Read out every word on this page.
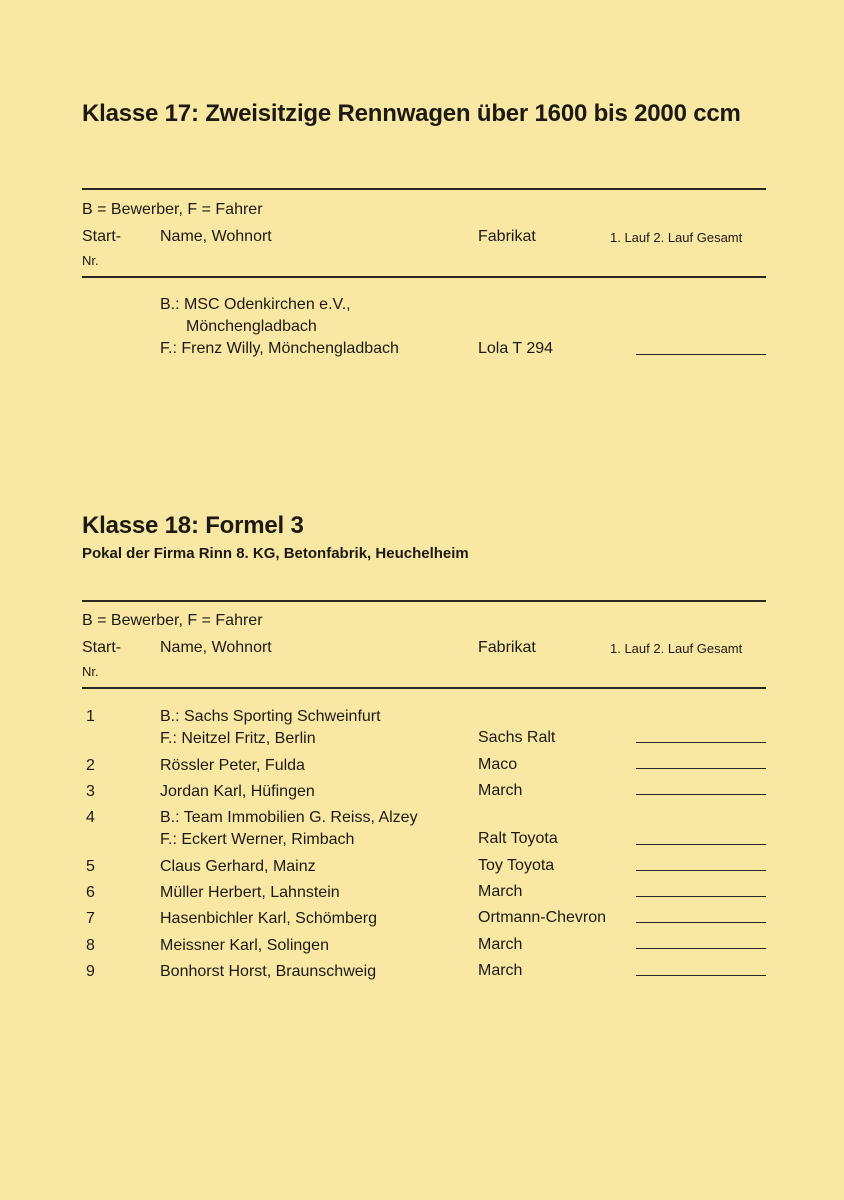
Klasse 17: Zweisitzige Rennwagen über 1600 bis 2000 ccm
B = Bewerber, F = Fahrer
Start-
Nr.
Name, Wohnort	Fabrikat	1. Lauf 2. Lauf Gesamt
B.: MSC Odenkirchen e.V.,
Mönchengladbach
F.: Frenz Willy, Mönchengladbach	Lola T 294
Klasse 18: Formel 3
Pokal der Firma Rinn 8. KG, Betonfabrik, Heuchelheim
B = Bewerber, F = Fahrer
Start-
Nr.
Name, Wohnort	Fabrikat	1. Lauf 2. Lauf Gesamt
1	B.: Sachs Sporting Schweinfurt
F.: Neitzel Fritz, Berlin	Sachs Ralt
2	Rössler Peter, Fulda	Maco
3	Jordan Karl, Hüfingen	March
4	B.: Team Immobilien G. Reiss, Alzey
F.: Eckert Werner, Rimbach	Ralt Toyota
5	Claus Gerhard, Mainz	Toy Toyota
6	Müller Herbert, Lahnstein	March
7	Hasenbichler Karl, Schömberg	Ortmann-Chevron
8	Meissner Karl, Solingen	March
9	Bonhorst Horst, Braunschweig	March
